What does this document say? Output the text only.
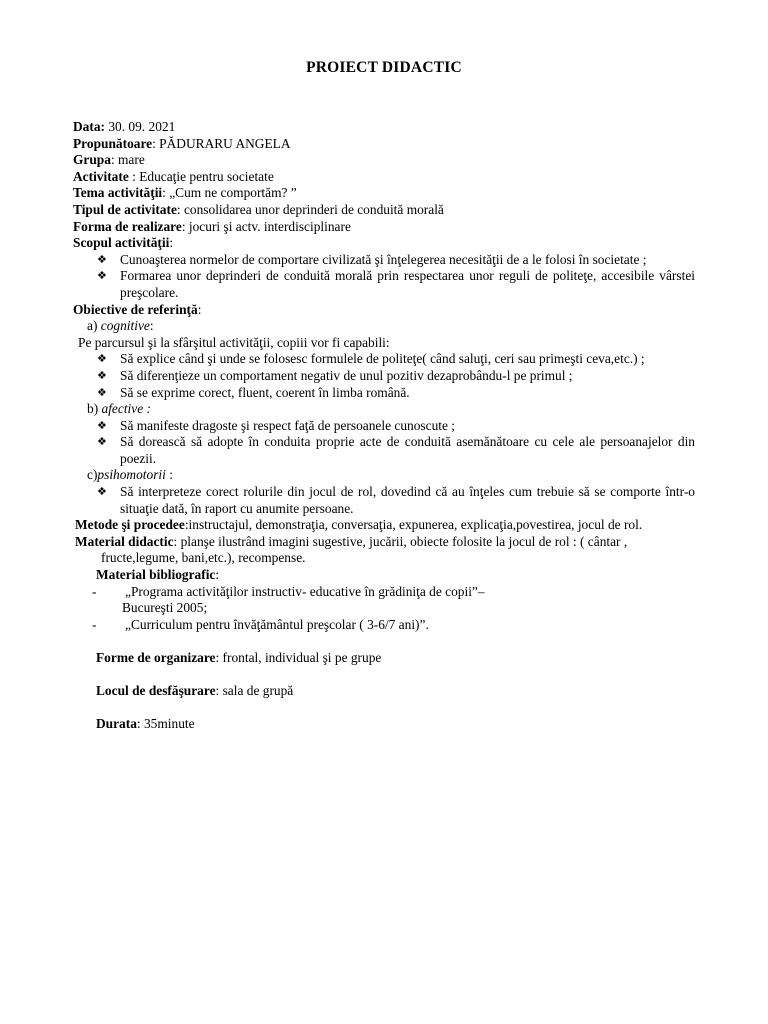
PROIECT DIDACTIC

Data: 30. 09. 2021

Propunătoare: PĂDURARU ANGELA

Grupa: mare

Activitate : Educaţie pentru societate

Tema activităţii: „Cum ne comportăm? ”

Tipul de activitate: consolidarea unor deprinderi de conduită morală

Forma de realizare: jocuri şi actv. interdisciplinare

Scopul activităţii:

❖ Cunoaşterea normelor de comportare civilizată şi înţelegerea necesităţii de a le folosi în societate ;
❖ Formarea unor deprinderi de conduită morală prin respectarea unor reguli de politeţe, accesibile vârstei preşcolare.

Obiective de referinţă:

a) cognitive:

Pe parcursul şi la sfârşitul activităţii, copiii vor fi capabili:

❖ Să explice când şi unde se folosesc formulele de politeţe( când saluţi, ceri sau primeşti ceva,etc.) ;
❖ Să diferenţieze un comportament negativ de unul pozitiv dezaprobându-l pe primul ;
❖ Să se exprime corect, fluent, coerent în limba română.

b) afective :

❖ Să manifeste dragoste şi respect faţă de persoanele cunoscute ;
❖ Să dorească să adopte în conduita proprie acte de conduită asemănătoare cu cele ale persoanajelor din poezii.

c)psihomotorii :

❖ Să interpreteze corect rolurile din jocul de rol, dovedind că au înţeles cum trebuie să se comporte într-o situaţie dată, în raport cu anumite persoane.

Metode şi procedee:instructajul, demonstraţia, conversaţia, expunerea, explicaţia,povestirea, jocul de rol.

Material didactic: planşe ilustrând imagini sugestive, jucării, obiecte folosite la jocul de rol : ( cântar , fructe,legume, bani,etc.), recompense.

Material bibliografic:

-	„Programa activităţilor instructiv- educative în grădiniţa de copii”–

Bucureşti 2005;

-	„Curriculum pentru învăţământul preşcolar ( 3-6/7 ani)”.

Forme de organizare: frontal, individual şi pe grupe

Locul de desfăşurare: sala de grupă

Durata: 35minute
